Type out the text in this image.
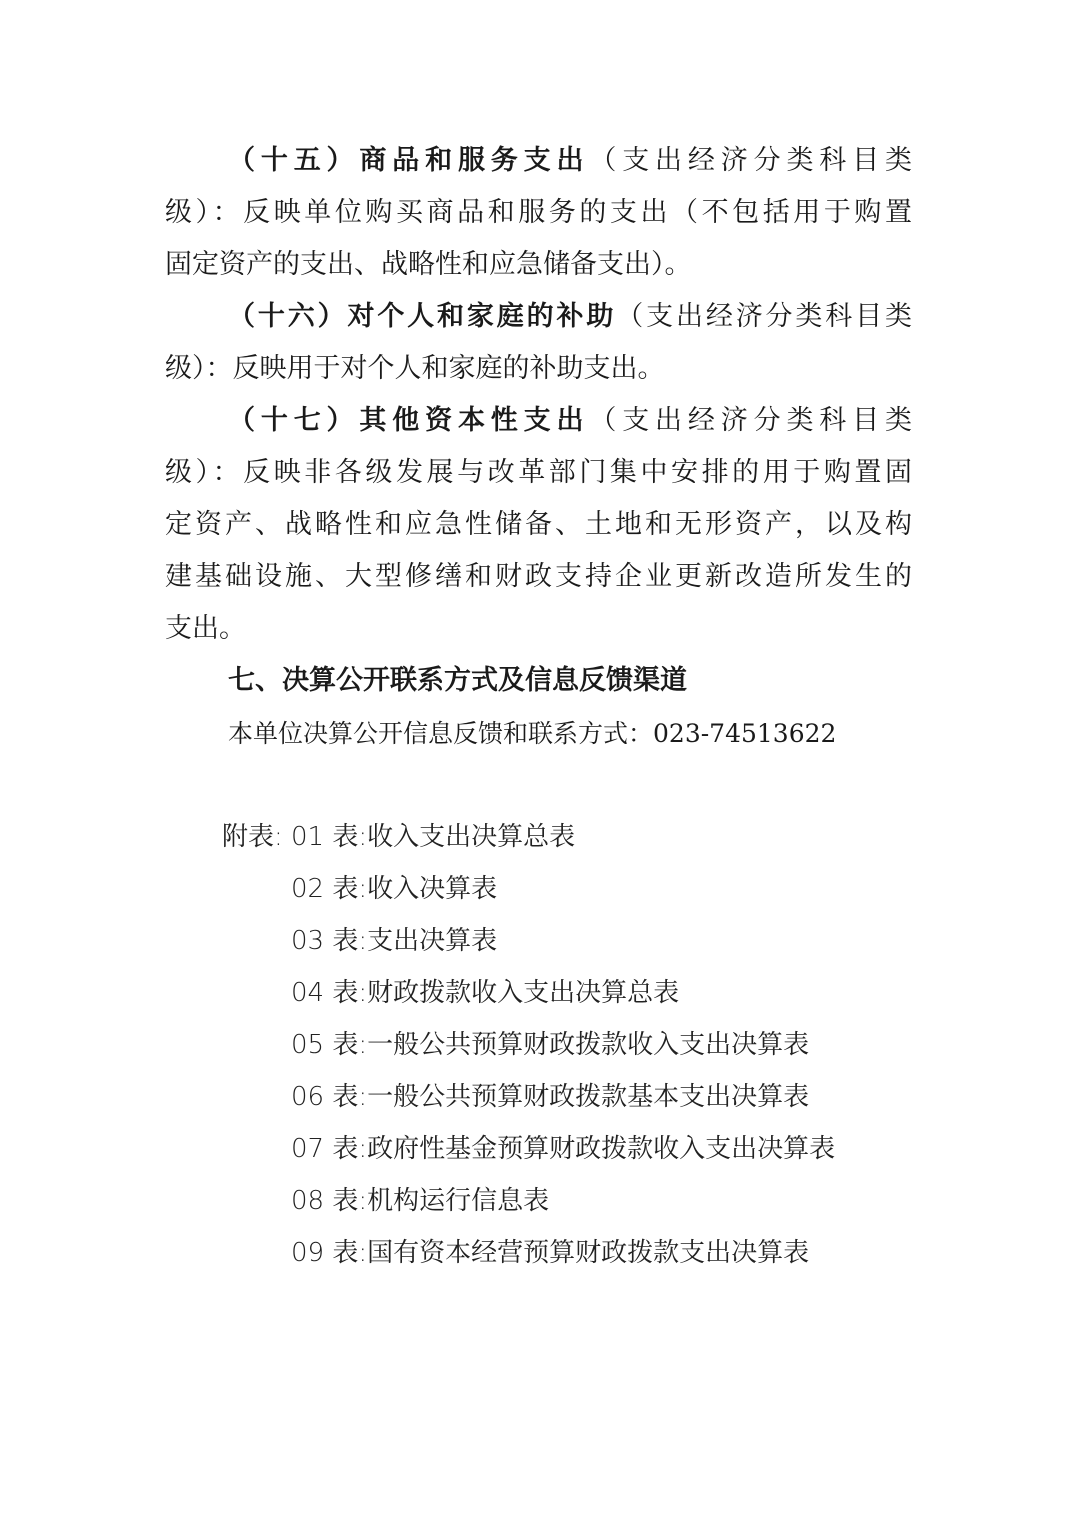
（十五）商品和服务支出（支出经济分类科目类
级）：反映单位购买商品和服务的支出（不包括用于购置
固定资产的支出、战略性和应急储备支出）。
（十六）对个人和家庭的补助（支出经济分类科目类
级）：反映用于对个人和家庭的补助支出。
（十七）其他资本性支出（支出经济分类科目类
级）：反映非各级发展与改革部门集中安排的用于购置固
定资产、战略性和应急性储备、土地和无形资产，以及构
建基础设施、大型修缮和财政支持企业更新改造所发生的
支出。
七、决算公开联系方式及信息反馈渠道
本单位决算公开信息反馈和联系方式：023-74513622
附表: 01 表:收入支出决算总表
02 表:收入决算表
03 表:支出决算表
04 表:财政拨款收入支出决算总表
05 表:一般公共预算财政拨款收入支出决算表
06 表:一般公共预算财政拨款基本支出决算表
07 表:政府性基金预算财政拨款收入支出决算表
08 表:机构运行信息表
09 表:国有资本经营预算财政拨款支出决算表
